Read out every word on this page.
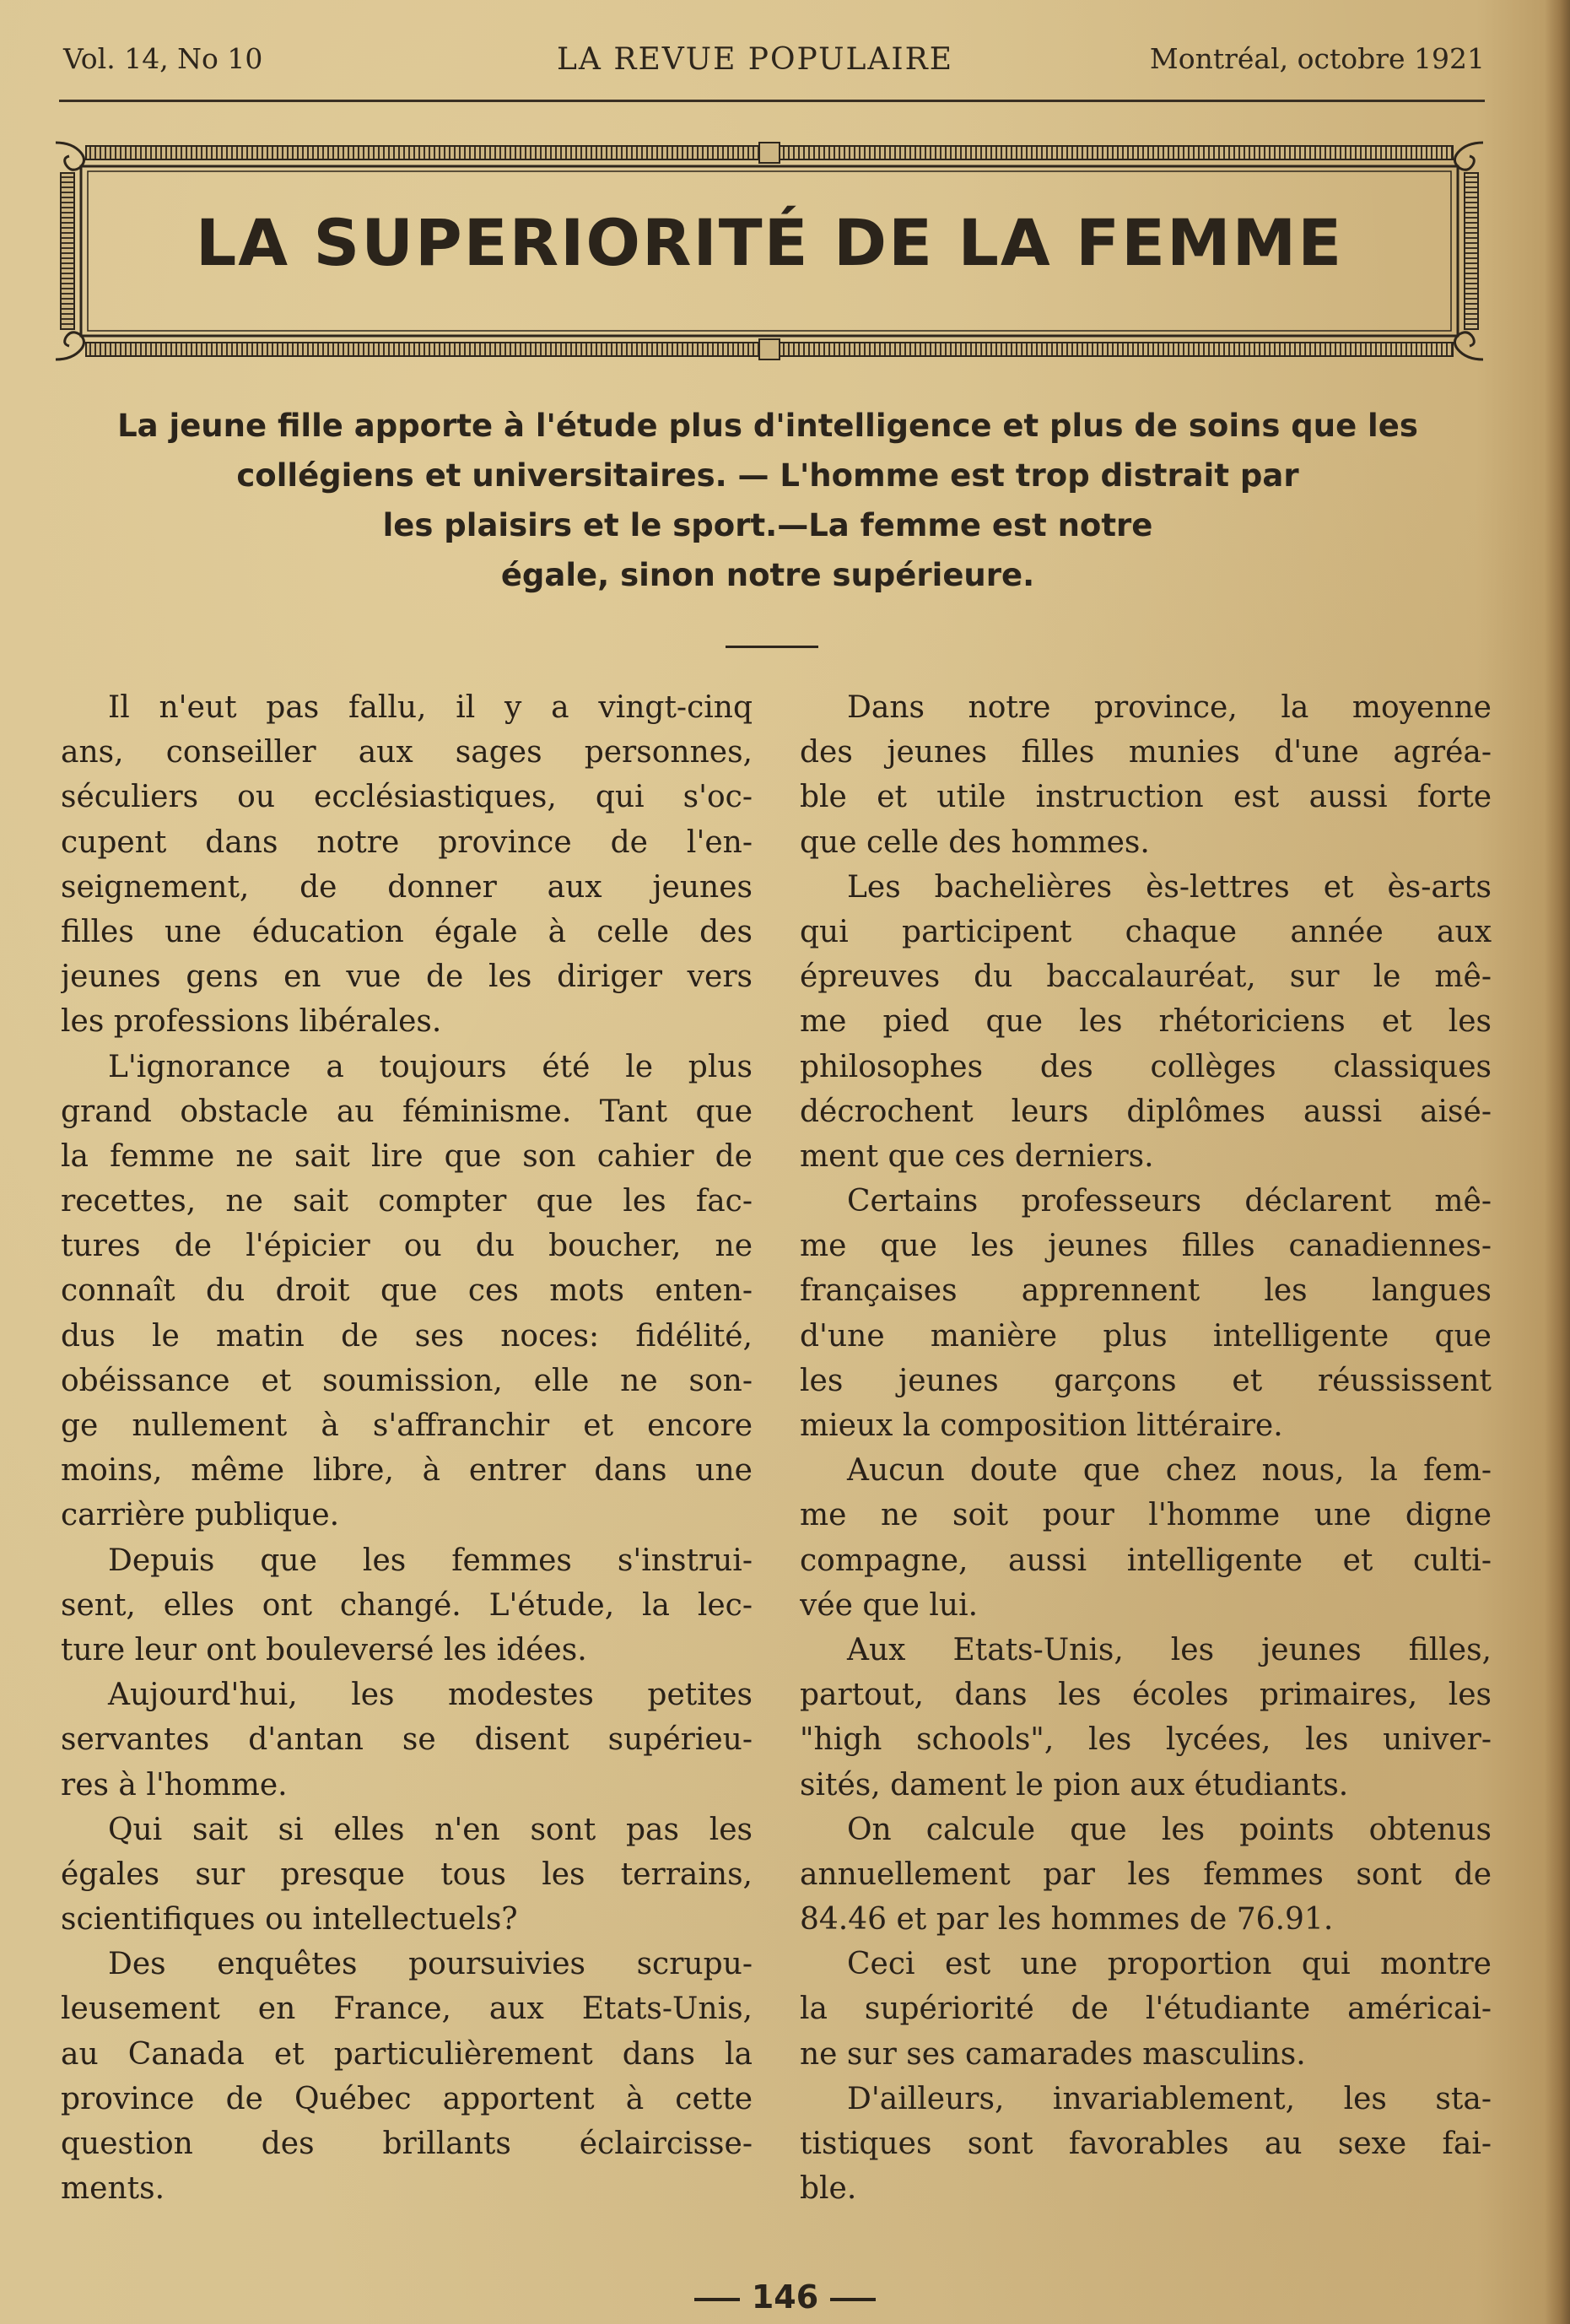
Vol. 14, No 10	LA REVUE POPULAIRE	Montréal, octobre 1921
LA SUPERIORITÉ DE LA FEMME
La jeune fille apporte à l'étude plus d'intelligence et plus de soins que les
collégiens et universitaires. — L'homme est trop distrait par
les plaisirs et le sport.—La femme est notre
égale, sinon notre supérieure.
Il n'eut pas fallu, il y a vingt-cinq
ans, conseiller aux sages personnes,
séculiers ou ecclésiastiques, qui s'oc-
cupent dans notre province de l'en-
seignement, de donner aux jeunes
filles une éducation égale à celle des
jeunes gens en vue de les diriger vers
les professions libérales.
L'ignorance a toujours été le plus
grand obstacle au féminisme. Tant que
la femme ne sait lire que son cahier de
recettes, ne sait compter que les fac-
tures de l'épicier ou du boucher, ne
connaît du droit que ces mots enten-
dus le matin de ses noces: fidélité,
obéissance et soumission, elle ne son-
ge nullement à s'affranchir et encore
moins, même libre, à entrer dans une
carrière publique.
Depuis que les femmes s'instrui-
sent, elles ont changé. L'étude, la lec-
ture leur ont bouleversé les idées.
Aujourd'hui, les modestes petites
servantes d'antan se disent supérieu-
res à l'homme.
Qui sait si elles n'en sont pas les
égales sur presque tous les terrains,
scientifiques ou intellectuels?
Des enquêtes poursuivies scrupu-
leusement en France, aux Etats-Unis,
au Canada et particulièrement dans la
province de Québec apportent à cette
question des brillants éclaircisse-
ments.
Dans notre province, la moyenne
des jeunes filles munies d'une agréa-
ble et utile instruction est aussi forte
que celle des hommes.
Les bachelières ès-lettres et ès-arts
qui participent chaque année aux
épreuves du baccalauréat, sur le mê-
me pied que les rhétoriciens et les
philosophes des collèges classiques
décrochent leurs diplômes aussi aisé-
ment que ces derniers.
Certains professeurs déclarent mê-
me que les jeunes filles canadiennes-
françaises apprennent les langues
d'une manière plus intelligente que
les jeunes garçons et réussissent
mieux la composition littéraire.
Aucun doute que chez nous, la fem-
me ne soit pour l'homme une digne
compagne, aussi intelligente et culti-
vée que lui.
Aux Etats-Unis, les jeunes filles,
partout, dans les écoles primaires, les
"high schools", les lycées, les univer-
sités, dament le pion aux étudiants.
On calcule que les points obtenus
annuellement par les femmes sont de
84.46 et par les hommes de 76.91.
Ceci est une proportion qui montre
la supériorité de l'étudiante américai-
ne sur ses camarades masculins.
D'ailleurs, invariablement, les sta-
tistiques sont favorables au sexe fai-
ble.
146
